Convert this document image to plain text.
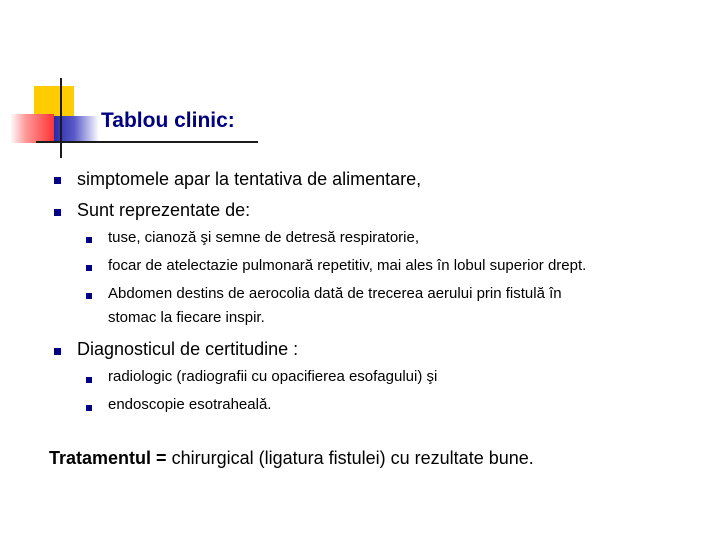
Tablou clinic:
simptomele apar la tentativa de alimentare,
Sunt reprezentate de:
tuse, cianoză şi semne de detresă respiratorie,
focar de atelectazie pulmonară repetitiv, mai ales în lobul superior drept.
Abdomen destins de aerocolia dată de trecerea aerului prin fistulă în
stomac la fiecare inspir.
Diagnosticul de certitudine :
radiologic (radiografii cu opacifierea esofagului) şi
endoscopie esotrahealǎ.
Tratamentul = chirurgical (ligatura fistulei) cu rezultate bune.
